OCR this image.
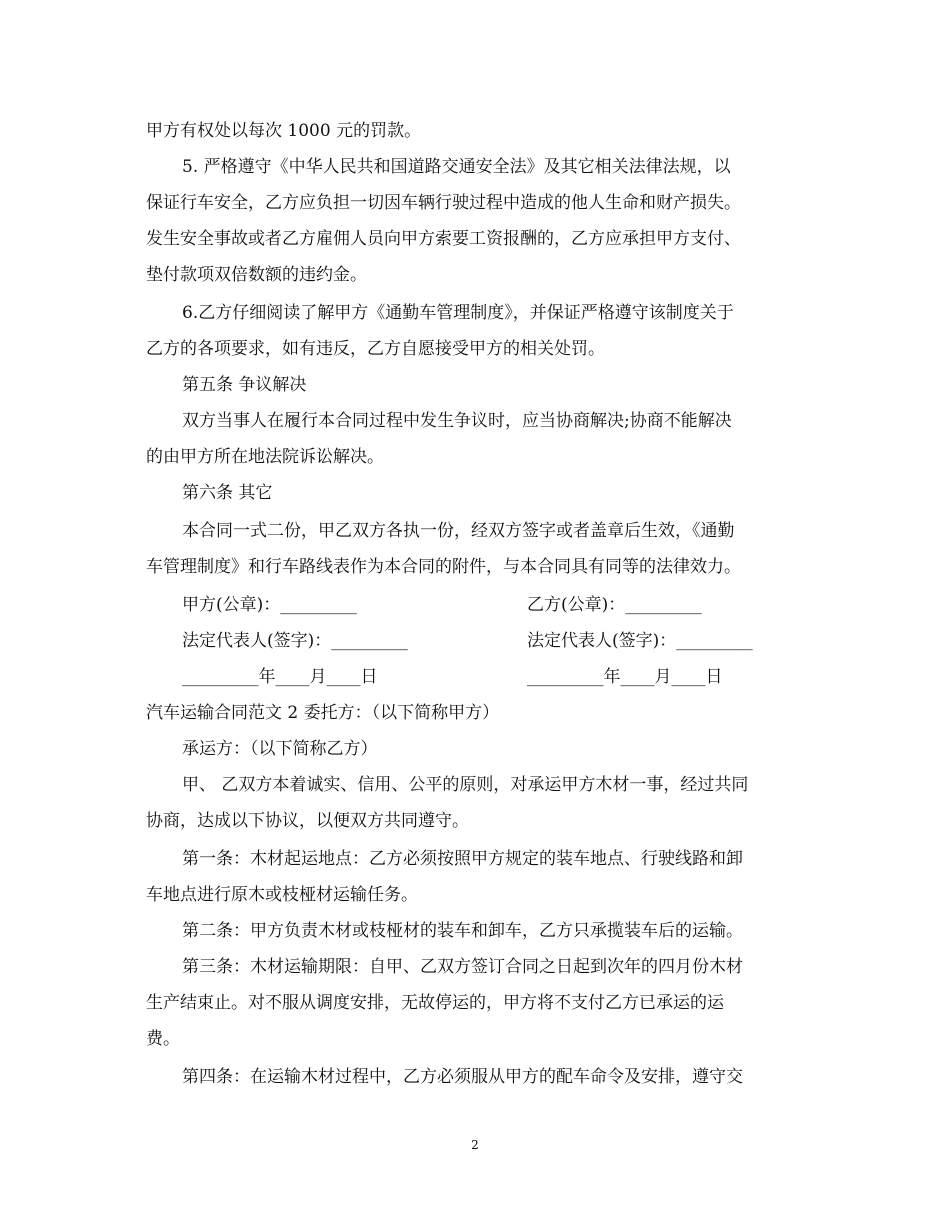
甲方有权处以每次 1000 元的罚款。
5. 严格遵守《中华人民共和国道路交通安全法》及其它相关法律法规，以
保证行车安全，乙方应负担一切因车辆行驶过程中造成的他人生命和财产损失。
发生安全事故或者乙方雇佣人员向甲方索要工资报酬的，乙方应承担甲方支付、
垫付款项双倍数额的违约金。
6.乙方仔细阅读了解甲方《通勤车管理制度》，并保证严格遵守该制度关于
乙方的各项要求，如有违反，乙方自愿接受甲方的相关处罚。
第五条 争议解决
双方当事人在履行本合同过程中发生争议时，应当协商解决;协商不能解决
的由甲方所在地法院诉讼解决。
第六条 其它
本合同一式二份，甲乙双方各执一份，经双方签字或者盖章后生效，《通勤
车管理制度》和行车路线表作为本合同的附件，与本合同具有同等的法律效力。
甲方(公章)：_________	乙方(公章)：_________
法定代表人(签字)：_________	法定代表人(签字)：_________
_________年____月____日	_________年____月____日
汽车运输合同范文 2 委托方：（以下简称甲方）
承运方：（以下简称乙方）
甲、 乙双方本着诚实、信用、公平的原则，对承运甲方木材一事，经过共同
协商，达成以下协议，以便双方共同遵守。
第一条：木材起运地点：乙方必须按照甲方规定的装车地点、行驶线路和卸
车地点进行原木或枝桠材运输任务。
第二条：甲方负责木材或枝桠材的装车和卸车，乙方只承揽装车后的运输。
第三条：木材运输期限：自甲、乙双方签订合同之日起到次年的四月份木材
生产结束止。对不服从调度安排，无故停运的，甲方将不支付乙方已承运的运
费。
第四条：在运输木材过程中，乙方必须服从甲方的配车命令及安排，遵守交
2
